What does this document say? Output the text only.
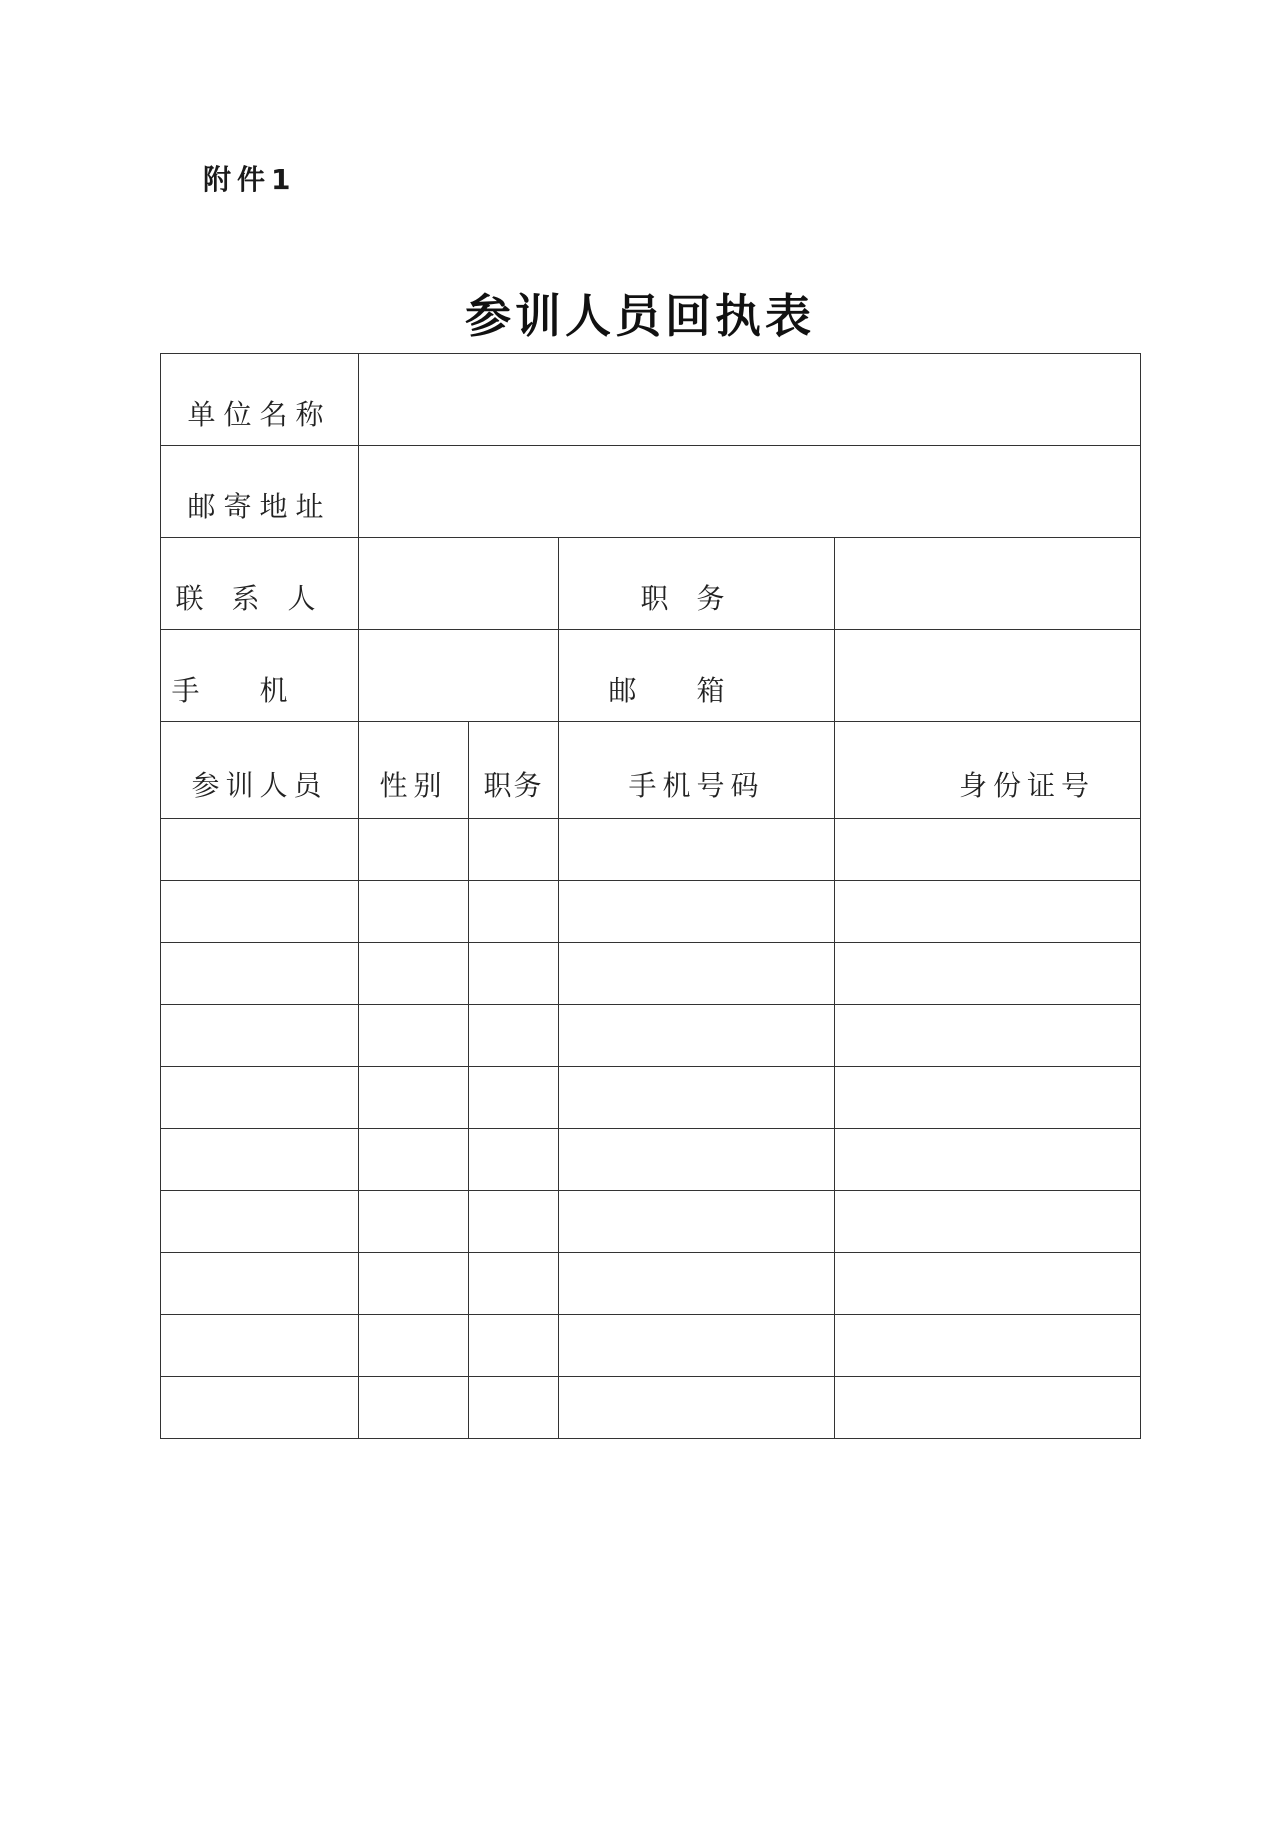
附件1
参训人员回执表
单位名称				
邮寄地址				
联系人			职务	
手机			邮箱	
参训人员	性别	职务	手机号码	身份证号
